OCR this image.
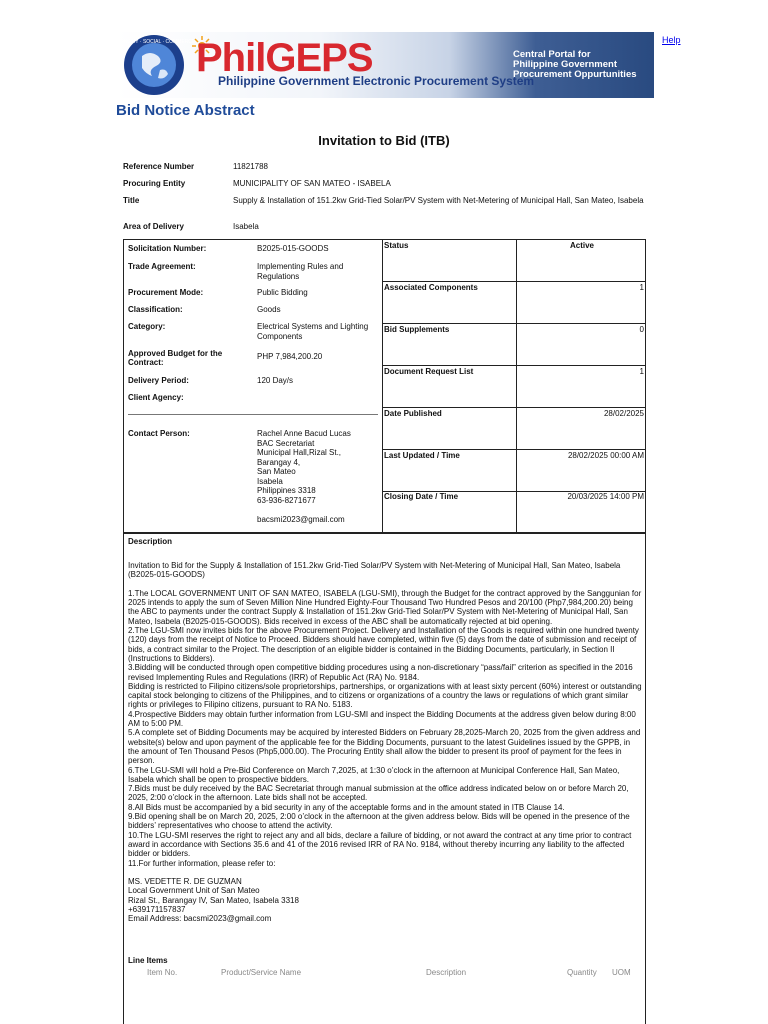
ECONOMY · SOCIAL · COMMERCE PhilGEPS
Philippine Government Electronic Procurement System
Central Portal for
Philippine Government
Procurement Oppurtunities
Help
Bid Notice Abstract
Invitation to Bid (ITB)
Reference Number	11821788
Procuring Entity	MUNICIPALITY OF SAN MATEO - ISABELA
Title	Supply & Installation of 151.2kw Grid-Tied Solar/PV System with Net-Metering of Municipal Hall, San Mateo, Isabela
Area of Delivery	Isabela
Solicitation Number:	B2025-015-GOODS
Trade Agreement:	Implementing Rules and Regulations
Procurement Mode:	Public Bidding
Classification:	Goods
Category:	Electrical Systems and Lighting Components
Approved Budget for the Contract:
PHP 7,984,200.20
Delivery Period:	120 Day/s
Client Agency:
Contact Person:	Rachel Anne Bacud Lucas
BAC Secretariat
Municipal Hall,Rizal St.,
Barangay 4,
San Mateo
Isabela
Philippines 3318
63-936-8271677
bacsmi2023@gmail.com
Status	Active
Associated Components	1
Bid Supplements	0
Document Request List	1
Date Published	28/02/2025
Last Updated / Time	28/02/2025 00:00 AM
Closing Date / Time	20/03/2025 14:00 PM
Description

Invitation to Bid for the Supply & Installation of 151.2kw Grid-Tied Solar/PV System with Net-Metering of Municipal Hall, San Mateo, Isabela (B2025-015-GOODS)

1.The LOCAL GOVERNMENT UNIT OF SAN MATEO, ISABELA (LGU-SMI), through the Budget for the contract approved by the Sanggunian for 2025 intends to apply the sum of Seven Million Nine Hundred Eighty-Four Thousand Two Hundred Pesos and 20/100 (Php7,984,200.20) being the ABC to payments under the contract Supply & Installation of 151.2kw Grid-Tied Solar/PV System with Net-Metering of Municipal Hall, San Mateo, Isabela (B2025-015-GOODS). Bids received in excess of the ABC shall be automatically rejected at bid opening.

2.The LGU-SMI now invites bids for the above Procurement Project. Delivery and Installation of the Goods is required within one hundred twenty (120) days from the receipt of Notice to Proceed. Bidders should have completed, within five (5) days from the date of submission and receipt of bids, a contract similar to the Project. The description of an eligible bidder is contained in the Bidding Documents, particularly, in Section II (Instructions to Bidders).

3.Bidding will be conducted through open competitive bidding procedures using a non-discretionary “pass/fail” criterion as specified in the 2016 revised Implementing Rules and Regulations (IRR) of Republic Act (RA) No. 9184.

Bidding is restricted to Filipino citizens/sole proprietorships, partnerships, or organizations with at least sixty percent (60%) interest or outstanding capital stock belonging to citizens of the Philippines, and to citizens or organizations of a country the laws or regulations of which grant similar rights or privileges to Filipino citizens, pursuant to RA No. 5183.

4.Prospective Bidders may obtain further information from LGU-SMI and inspect the Bidding Documents at the address given below during 8:00 AM to 5:00 PM.

5.A complete set of Bidding Documents may be acquired by interested Bidders on February 28,2025-March 20, 2025 from the given address and website(s) below and upon payment of the applicable fee for the Bidding Documents, pursuant to the latest Guidelines issued by the GPPB, in the amount of Ten Thousand Pesos (Php5,000.00). The Procuring Entity shall allow the bidder to present its proof of payment for the fees in person.

6.The LGU-SMI will hold a Pre-Bid Conference on March 7,2025, at 1:30 o’clock in the afternoon at Municipal Conference Hall, San Mateo, Isabela which shall be open to prospective bidders.

7.Bids must be duly received by the BAC Secretariat through manual submission at the office address indicated below on or before March 20, 2025, 2:00 o’clock in the afternoon. Late bids shall not be accepted.

8.All Bids must be accompanied by a bid security in any of the acceptable forms and in the amount stated in ITB Clause 14.

9.Bid opening shall be on March 20, 2025, 2:00 o’clock in the afternoon at the given address below. Bids will be opened in the presence of the bidders’ representatives who choose to attend the activity.

10.The LGU-SMI reserves the right to reject any and all bids, declare a failure of bidding, or not award the contract at any time prior to contract award in accordance with Sections 35.6 and 41 of the 2016 revised IRR of RA No. 9184, without thereby incurring any liability to the affected bidder or bidders.

11.For further information, please refer to:

MS. VEDETTE R. DE GUZMAN

Local Government Unit of San Mateo

Rizal St., Barangay IV, San Mateo, Isabela 3318

+639171157837

Email Address: bacsmi2023@gmail.com

Line Items
Item No.	Product/Service Name	Description	Quantity UOM
